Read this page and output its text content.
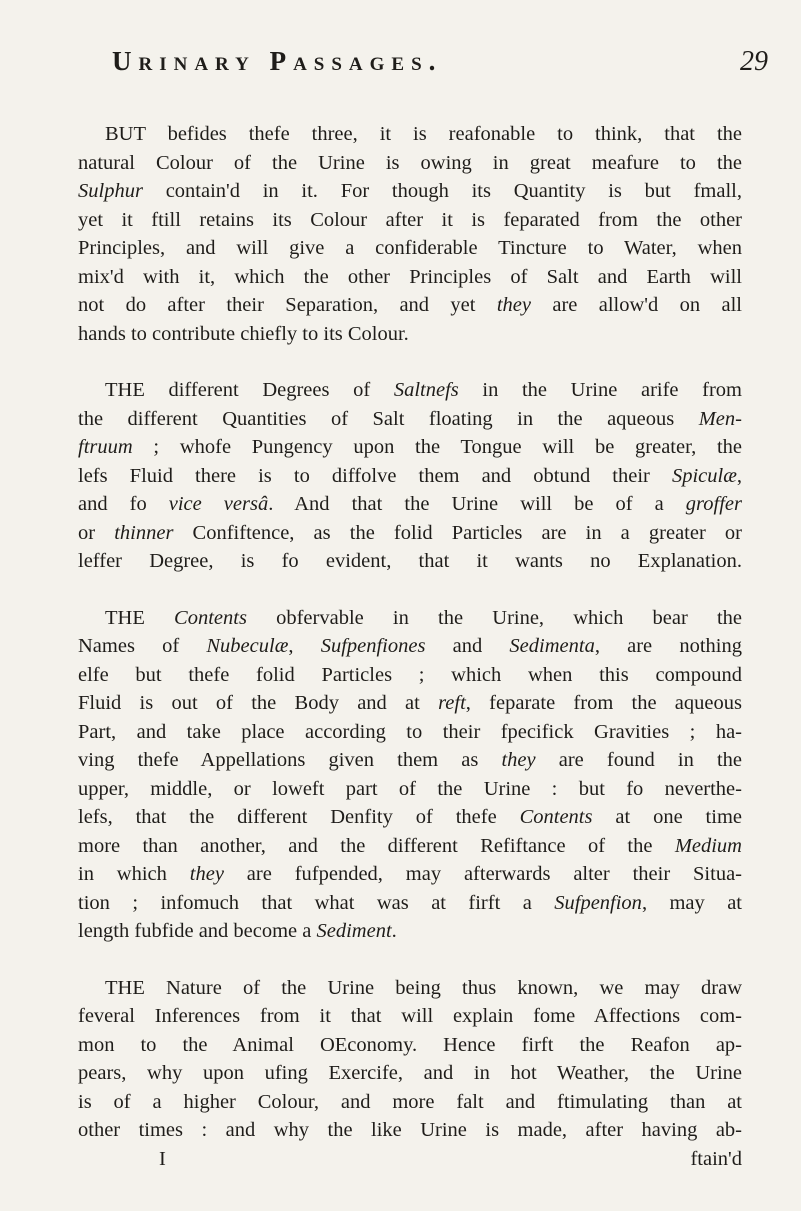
Urinary Passages.	29

BUT befides thefe three, it is reafonable to think, that the
natural Colour of the Urine is owing in great meafure to the
Sulphur contain'd in it. For though its Quantity is but fmall,
yet it ftill retains its Colour after it is feparated from the other
Principles, and will give a confiderable Tincture to Water, when
mix'd with it, which the other Principles of Salt and Earth will
not do after their Separation, and yet they are allow'd on all
hands to contribute chiefly to its Colour.

THE different Degrees of Saltnefs in the Urine arife from
the different Quantities of Salt floating in the aqueous Men-
ftruum ; whofe Pungency upon the Tongue will be greater, the
lefs Fluid there is to diffolve them and obtund their Spiculæ,
and fo vice versâ. And that the Urine will be of a groffer
or thinner Confiftence, as the folid Particles are in a greater or
leffer Degree, is fo evident, that it wants no Explanation.

THE Contents obfervable in the Urine, which bear the
Names of Nubeculæ, Sufpenfiones and Sedimenta, are nothing
elfe but thefe folid Particles ; which when this compound
Fluid is out of the Body and at reft, feparate from the aqueous
Part, and take place according to their fpecifick Gravities ; ha-
ving thefe Appellations given them as they are found in the
upper, middle, or loweft part of the Urine : but fo neverthe-
lefs, that the different Denfity of thefe Contents at one time
more than another, and the different Refiftance of the Medium
in which they are fufpended, may afterwards alter their Situa-
tion ; infomuch that what was at firft a Sufpenfion, may at
length fubfide and become a Sediment.

THE Nature of the Urine being thus known, we may draw
feveral Inferences from it that will explain fome Affections com-
mon to the Animal OEconomy. Hence firft the Reafon ap-
pears, why upon ufing Exercife, and in hot Weather, the Urine
is of a higher Colour, and more falt and ftimulating than at
other times : and why the like Urine is made, after having ab-
I	ftain'd
